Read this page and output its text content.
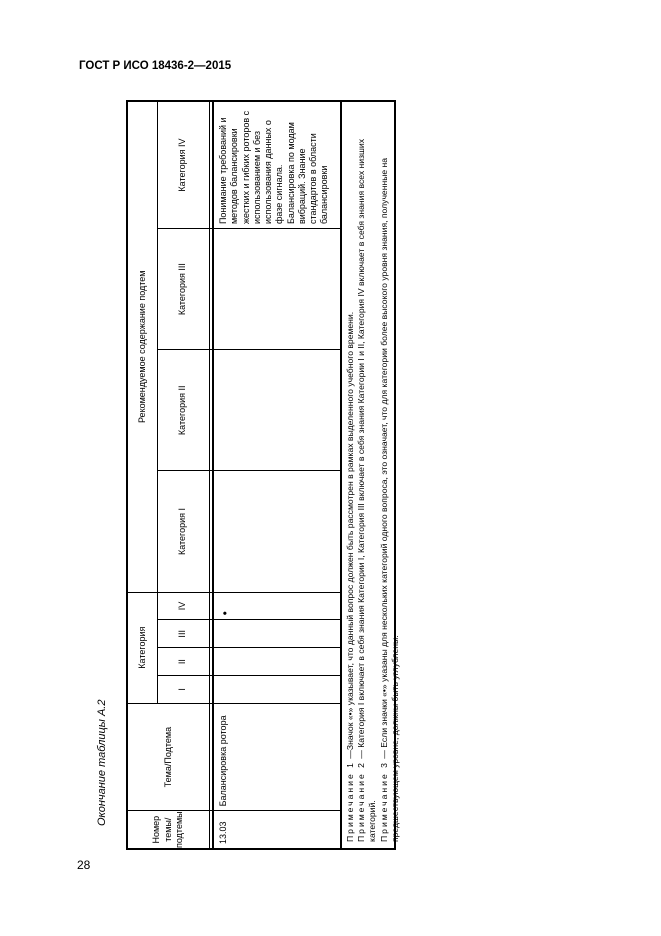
ГОСТ Р ИСО 18436-2—2015
Окончание таблицы А.2
Номер темы/ подтемы	Тема/Подтема	Категория				Рекомендуемое содержание подтем			
		I	II	III	IV	Категория I	Категория II	Категория III	Категория IV

13.03	Балансировка ротора				•				Понимание требований и методов балансировки жестких и гибких роторов с использованием и без использования данных о фазе сигнала. Балансировка по модам вибраций. Знание стандартов в области балансировки

Примечание 1 —Значок «•» указывает, что данный вопрос должен быть рассмотрен в рамках выделенного учебного времени.

Примечание 2 — Категория I включает в себя знания Категории I, Категория III включает в себя знания Категории I и II, Категория IV включает в себя знания всех низших категорий. Примечание 3 — Если значки «•» указаны для нескольких категорий одного вопроса, это означает, что для категории более высокого уровня знания, полученные на предшествующем уровне, должны быть углублены.

28
